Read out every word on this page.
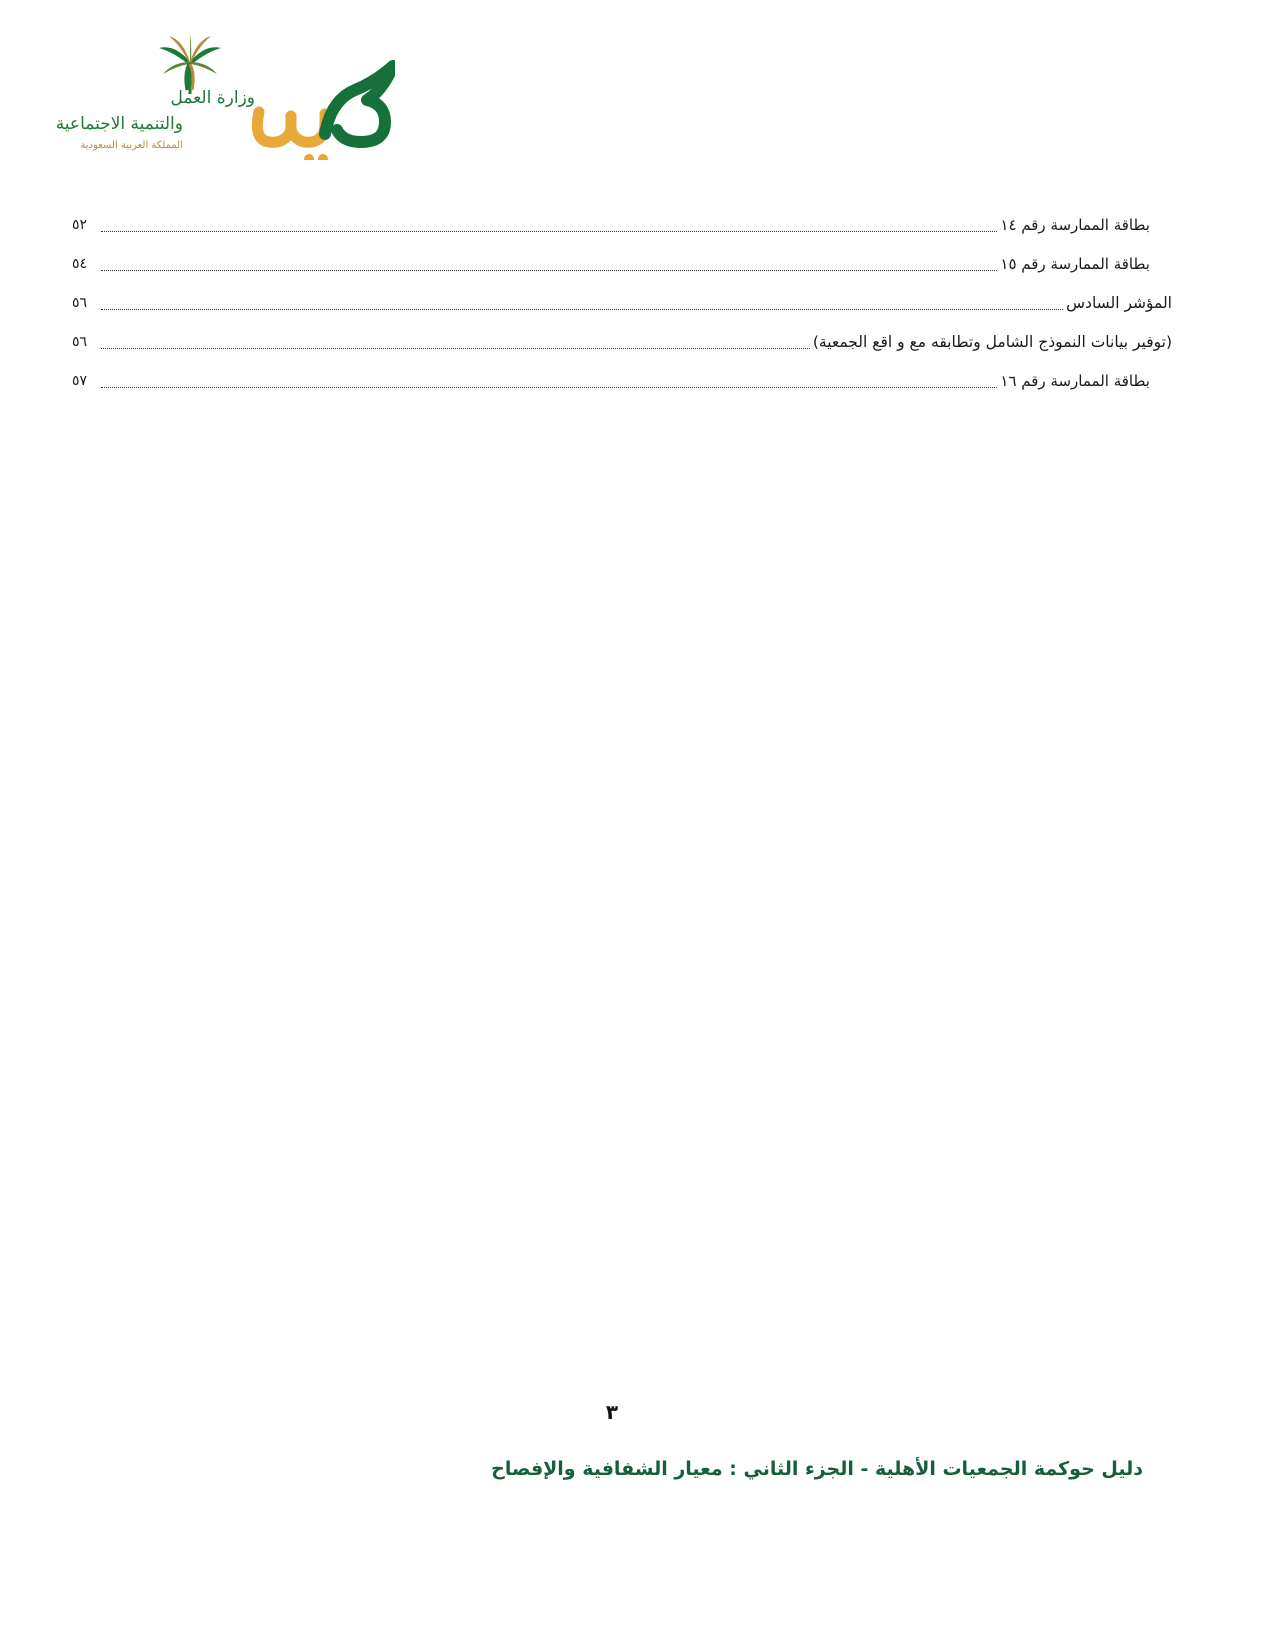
وزارة العمل
والتنمية الاجتماعية
المملكة العربية السعودية
بطاقة الممارسة رقم ١٤
٥٢
بطاقة الممارسة رقم ١٥
٥٤
المؤشر السادس
٥٦
(توفير بيانات النموذج الشامل وتطابقه مع و اقع الجمعية)
٥٦
بطاقة الممارسة رقم ١٦
٥٧
٣
دليل حوكمة الجمعيات الأهلية - الجزء الثاني : معيار الشفافية والإفصاح
